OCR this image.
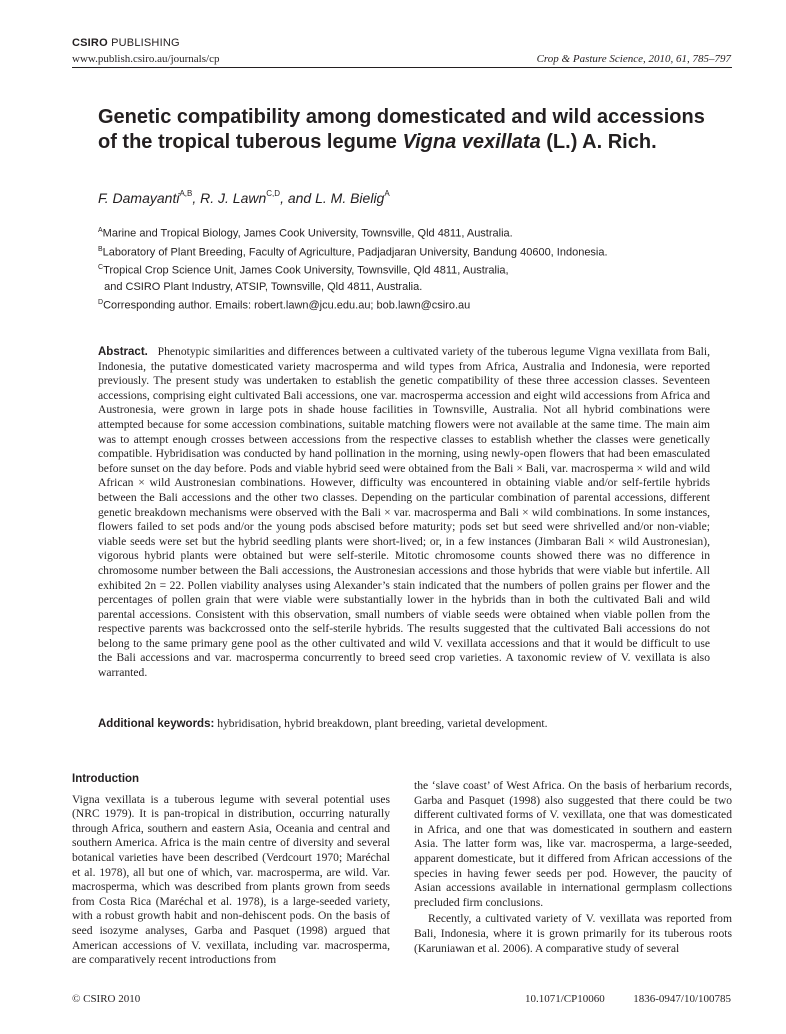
CSIRO PUBLISHING
www.publish.csiro.au/journals/cp	Crop & Pasture Science, 2010, 61, 785–797
Genetic compatibility among domesticated and wild accessions
of the tropical tuberous legume Vigna vexillata (L.) A. Rich.
F. Damayanti$^{A,B}$, R. J. Lawn$^{C,D}$, and L. M. Bielig$^A$
$^A$Marine and Tropical Biology, James Cook University, Townsville, Qld 4811, Australia.
$^B$Laboratory of Plant Breeding, Faculty of Agriculture, Padjadjaran University, Bandung 40600, Indonesia.
$^C$Tropical Crop Science Unit, James Cook University, Townsville, Qld 4811, Australia,
and CSIRO Plant Industry, ATSIP, Townsville, Qld 4811, Australia.
$^D$Corresponding author. Emails: robert.lawn@jcu.edu.au; bob.lawn@csiro.au
Abstract. Phenotypic similarities and differences between a cultivated variety of the tuberous legume Vigna vexillata from Bali, Indonesia, the putative domesticated variety macrosperma and wild types from Africa, Australia and Indonesia, were reported previously. The present study was undertaken to establish the genetic compatibility of these three accession classes. Seventeen accessions, comprising eight cultivated Bali accessions, one var. macrosperma accession and eight wild accessions from Africa and Austronesia, were grown in large pots in shade house facilities in Townsville, Australia. Not all hybrid combinations were attempted because for some accession combinations, suitable matching flowers were not available at the same time. The main aim was to attempt enough crosses between accessions from the respective classes to establish whether the classes were genetically compatible. Hybridisation was conducted by hand pollination in the morning, using newly-open flowers that had been emasculated before sunset on the day before. Pods and viable hybrid seed were obtained from the Bali × Bali, var. macrosperma × wild and wild African × wild Austronesian combinations. However, difficulty was encountered in obtaining viable and/or self-fertile hybrids between the Bali accessions and the other two classes. Depending on the particular combination of parental accessions, different genetic breakdown mechanisms were observed with the Bali × var. macrosperma and Bali × wild combinations. In some instances, flowers failed to set pods and/or the young pods abscised before maturity; pods set but seed were shrivelled and/or non-viable; viable seeds were set but the hybrid seedling plants were short-lived; or, in a few instances (Jimbaran Bali × wild Austronesian), vigorous hybrid plants were obtained but were self-sterile. Mitotic chromosome counts showed there was no difference in chromosome number between the Bali accessions, the Austronesian accessions and those hybrids that were viable but infertile. All exhibited 2n = 22. Pollen viability analyses using Alexander’s stain indicated that the numbers of pollen grains per flower and the percentages of pollen grain that were viable were substantially lower in the hybrids than in both the cultivated Bali and wild parental accessions. Consistent with this observation, small numbers of viable seeds were obtained when viable pollen from the respective parents was backcrossed onto the self-sterile hybrids. The results suggested that the cultivated Bali accessions do not belong to the same primary gene pool as the other cultivated and wild V. vexillata accessions and that it would be difficult to use the Bali accessions and var. macrosperma concurrently to breed seed crop varieties. A taxonomic review of V. vexillata is also warranted.
Additional keywords: hybridisation, hybrid breakdown, plant breeding, varietal development.
Introduction

Vigna vexillata is a tuberous legume with several potential uses (NRC 1979). It is pan-tropical in distribution, occurring naturally through Africa, southern and eastern Asia, Oceania and central and southern America. Africa is the main centre of diversity and several botanical varieties have been described (Verdcourt 1970; Maréchal et al. 1978), all but one of which, var. macrosperma, are wild. Var. macrosperma, which was described from plants grown from seeds from Costa Rica (Maréchal et al. 1978), is a large-seeded variety, with a robust growth habit and non-dehiscent pods. On the basis of seed isozyme analyses, Garba and Pasquet (1998) argued that American accessions of V. vexillata, including var. macrosperma, are comparatively recent introductions from

the ‘slave coast’ of West Africa. On the basis of herbarium records, Garba and Pasquet (1998) also suggested that there could be two different cultivated forms of V. vexillata, one that was domesticated in Africa, and one that was domesticated in southern and eastern Asia. The latter form was, like var. macrosperma, a large-seeded, apparent domesticate, but it differed from African accessions of the species in having fewer seeds per pod. However, the paucity of Asian accessions available in international germplasm collections precluded firm conclusions.

Recently, a cultivated variety of V. vexillata was reported from Bali, Indonesia, where it is grown primarily for its tuberous roots (Karuniawan et al. 2006). A comparative study of several

© CSIRO 2010	10.1071/CP10060	1836-0947/10/100785
